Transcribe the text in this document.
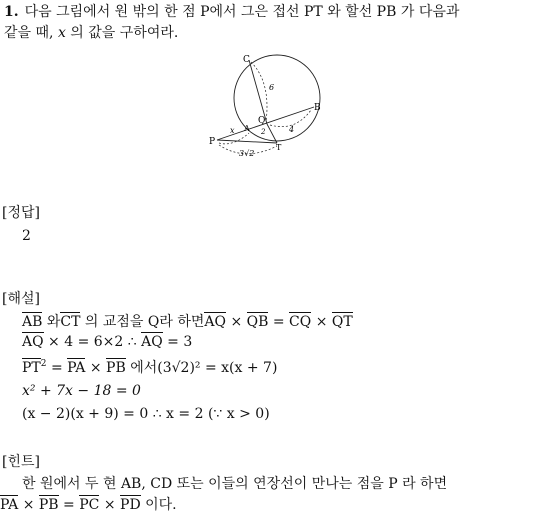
1. 다음 그림에서 원 밖의 한 점 P에서 그은 접선 PT 와 할선 PB 가 다음과
같을 때, x 의 값을 구하여라.
C
B
Q
A
P
T
6
4
x	2
3√2
[정답]
2
[해설]
AB 와CT 의 교점을 Q라 하면AQ × QB = CQ × QT
AQ × 4 = 6×2 ∴ AQ = 3
$PT^2$ = PA × PB 에서(3√2)² = x(x + 7)
x² + 7x − 18 = 0
(x − 2)(x + 9) = 0 ∴ x = 2 (∵ x > 0)
[힌트]
한 원에서 두 현 AB, CD 또는 이들의 연장선이 만나는 점을 P 라 하면
PA × PB = PC × PD 이다.
